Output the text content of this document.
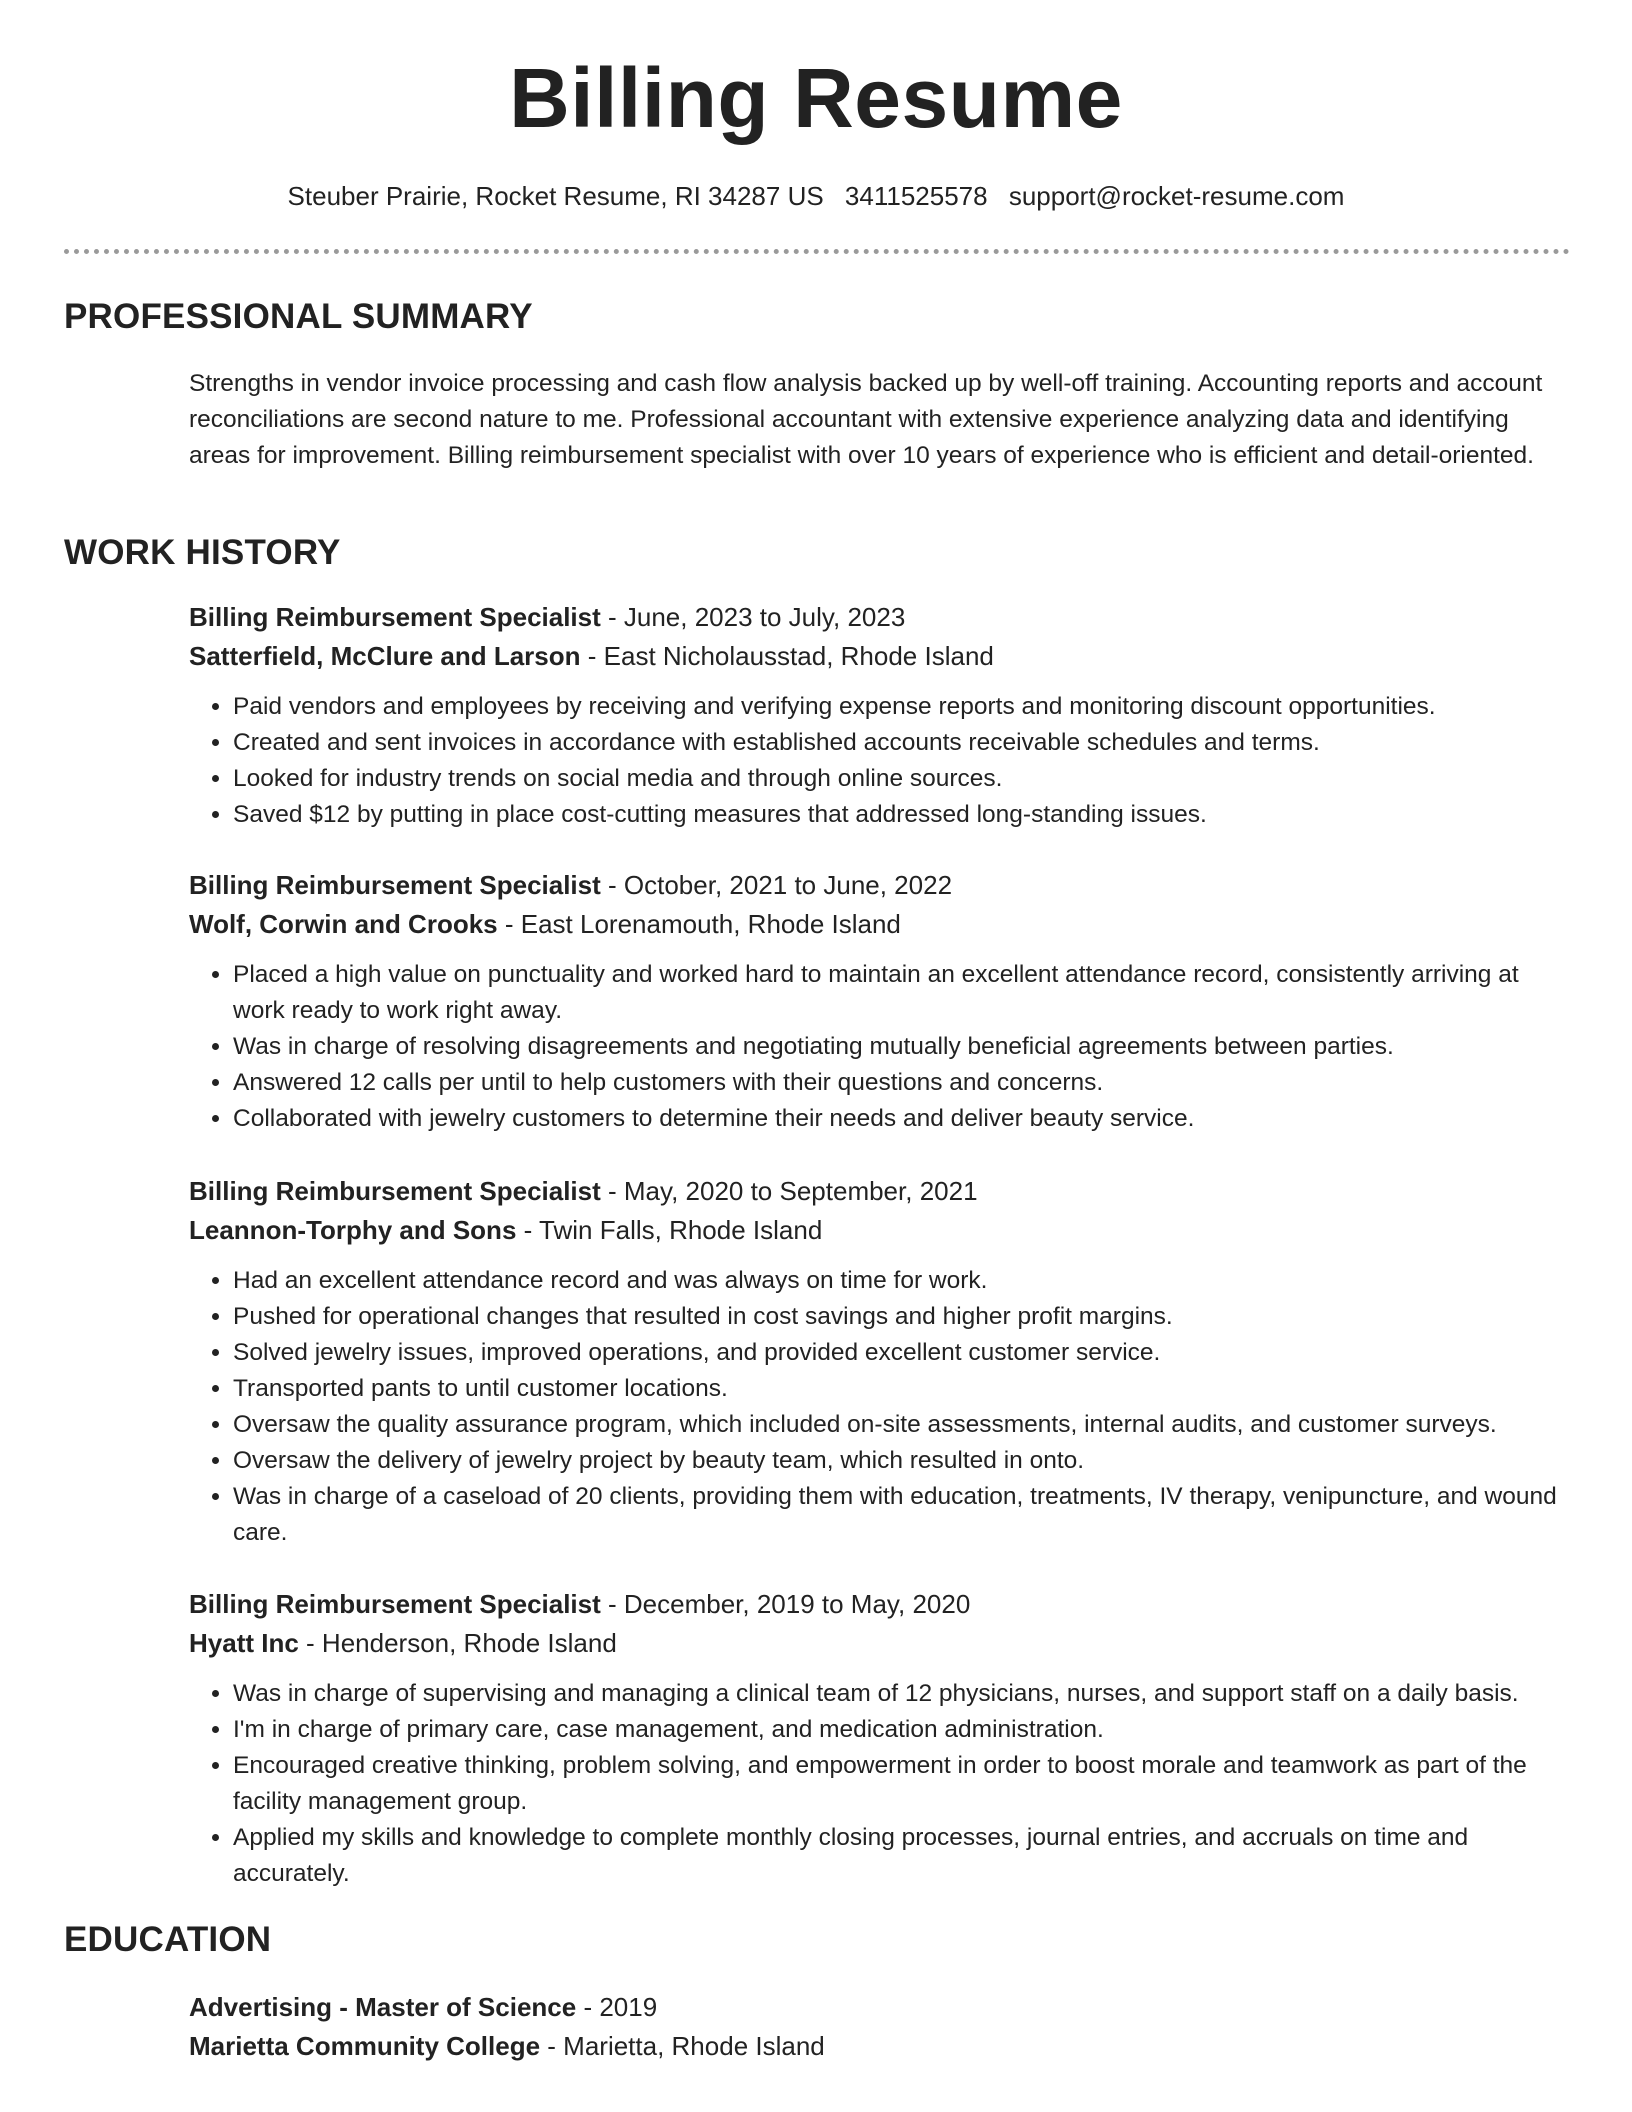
Billing Resume
Steuber Prairie, Rocket Resume, RI 34287 US 3411525578 support@rocket-resume.com
PROFESSIONAL SUMMARY

Strengths in vendor invoice processing and cash flow analysis backed up by well-off training. Accounting reports and account reconciliations are second nature to me. Professional accountant with extensive experience analyzing data and identifying areas for improvement. Billing reimbursement specialist with over 10 years of experience who is efficient and detail-oriented.

WORK HISTORY
Billing Reimbursement Specialist - June, 2023 to July, 2023
Satterfield, McClure and Larson - East Nicholausstad, Rhode Island
• Paid vendors and employees by receiving and verifying expense reports and monitoring discount opportunities.
• Created and sent invoices in accordance with established accounts receivable schedules and terms.
• Looked for industry trends on social media and through online sources.
• Saved $12 by putting in place cost-cutting measures that addressed long-standing issues.
Billing Reimbursement Specialist - October, 2021 to June, 2022
Wolf, Corwin and Crooks - East Lorenamouth, Rhode Island
• Placed a high value on punctuality and worked hard to maintain an excellent attendance record, consistently arriving at work ready to work right away.
• Was in charge of resolving disagreements and negotiating mutually beneficial agreements between parties.
• Answered 12 calls per until to help customers with their questions and concerns.
• Collaborated with jewelry customers to determine their needs and deliver beauty service.
Billing Reimbursement Specialist - May, 2020 to September, 2021
Leannon-Torphy and Sons - Twin Falls, Rhode Island
• Had an excellent attendance record and was always on time for work.
• Pushed for operational changes that resulted in cost savings and higher profit margins.
• Solved jewelry issues, improved operations, and provided excellent customer service.
• Transported pants to until customer locations.
• Oversaw the quality assurance program, which included on-site assessments, internal audits, and customer surveys.
• Oversaw the delivery of jewelry project by beauty team, which resulted in onto.
• Was in charge of a caseload of 20 clients, providing them with education, treatments, IV therapy, venipuncture, and wound care.
Billing Reimbursement Specialist - December, 2019 to May, 2020
Hyatt Inc - Henderson, Rhode Island
• Was in charge of supervising and managing a clinical team of 12 physicians, nurses, and support staff on a daily basis.
• I'm in charge of primary care, case management, and medication administration.
• Encouraged creative thinking, problem solving, and empowerment in order to boost morale and teamwork as part of the facility management group.
• Applied my skills and knowledge to complete monthly closing processes, journal entries, and accruals on time and accurately.
EDUCATION
Advertising - Master of Science - 2019
Marietta Community College - Marietta, Rhode Island
